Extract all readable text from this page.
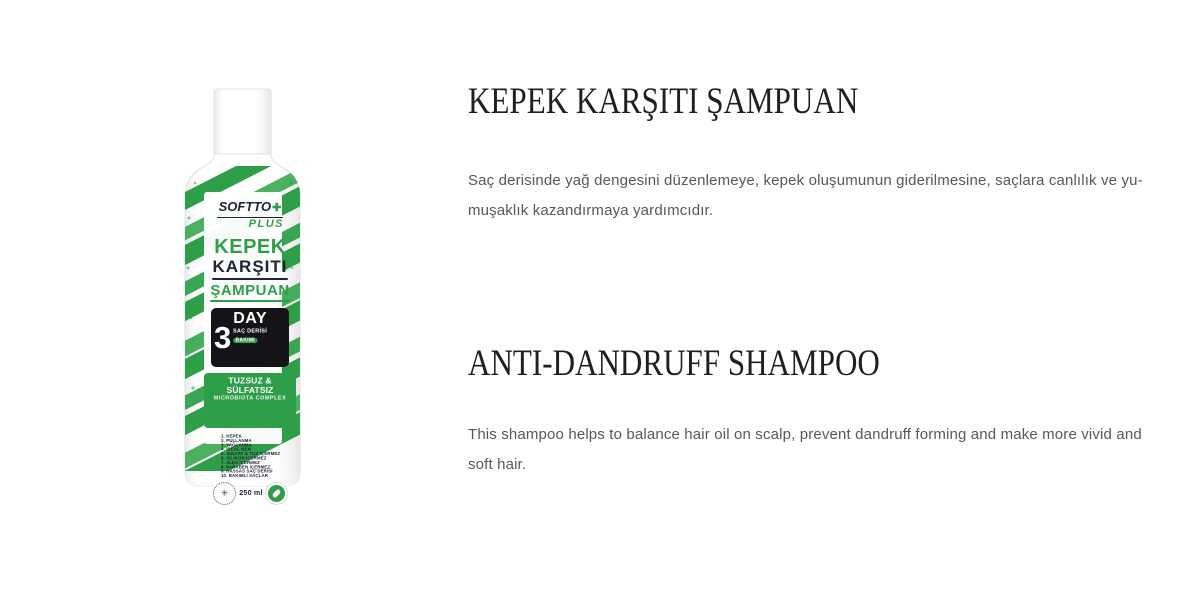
SOFTTO✚
PLUS
KEPEK
KARŞITI
ŞAMPUAN
3
DAY
SAÇ DERİSİ
BAKIMI
TUZSUZ & SÜLFATSIZ
MICROBIOTA COMPLEX
1. KEPEK
2. PULLANMA
3. YAĞLANMA
4. İDEAL NEM
5. SÜLFAT & TUZ İÇERMEZ
6. SİLİKON İÇERMEZ
7. SLES İÇERMEZ
8. PARABEN İÇERMEZ
9. HASSAS SAÇ DERİSİ
10. BAKIMLI SAÇLAR
✳ 250 ml
KEPEK KARŞITI ŞAMPUAN
Saç derisinde yağ dengesini düzenlemeye, kepek oluşumunun giderilmesine, saçlara canlılık ve yu-
muşaklık kazandırmaya yardımcıdır.
ANTI-DANDRUFF SHAMPOO
This shampoo helps to balance hair oil on scalp, prevent dandruff forming and make more vivid and
soft hair.
